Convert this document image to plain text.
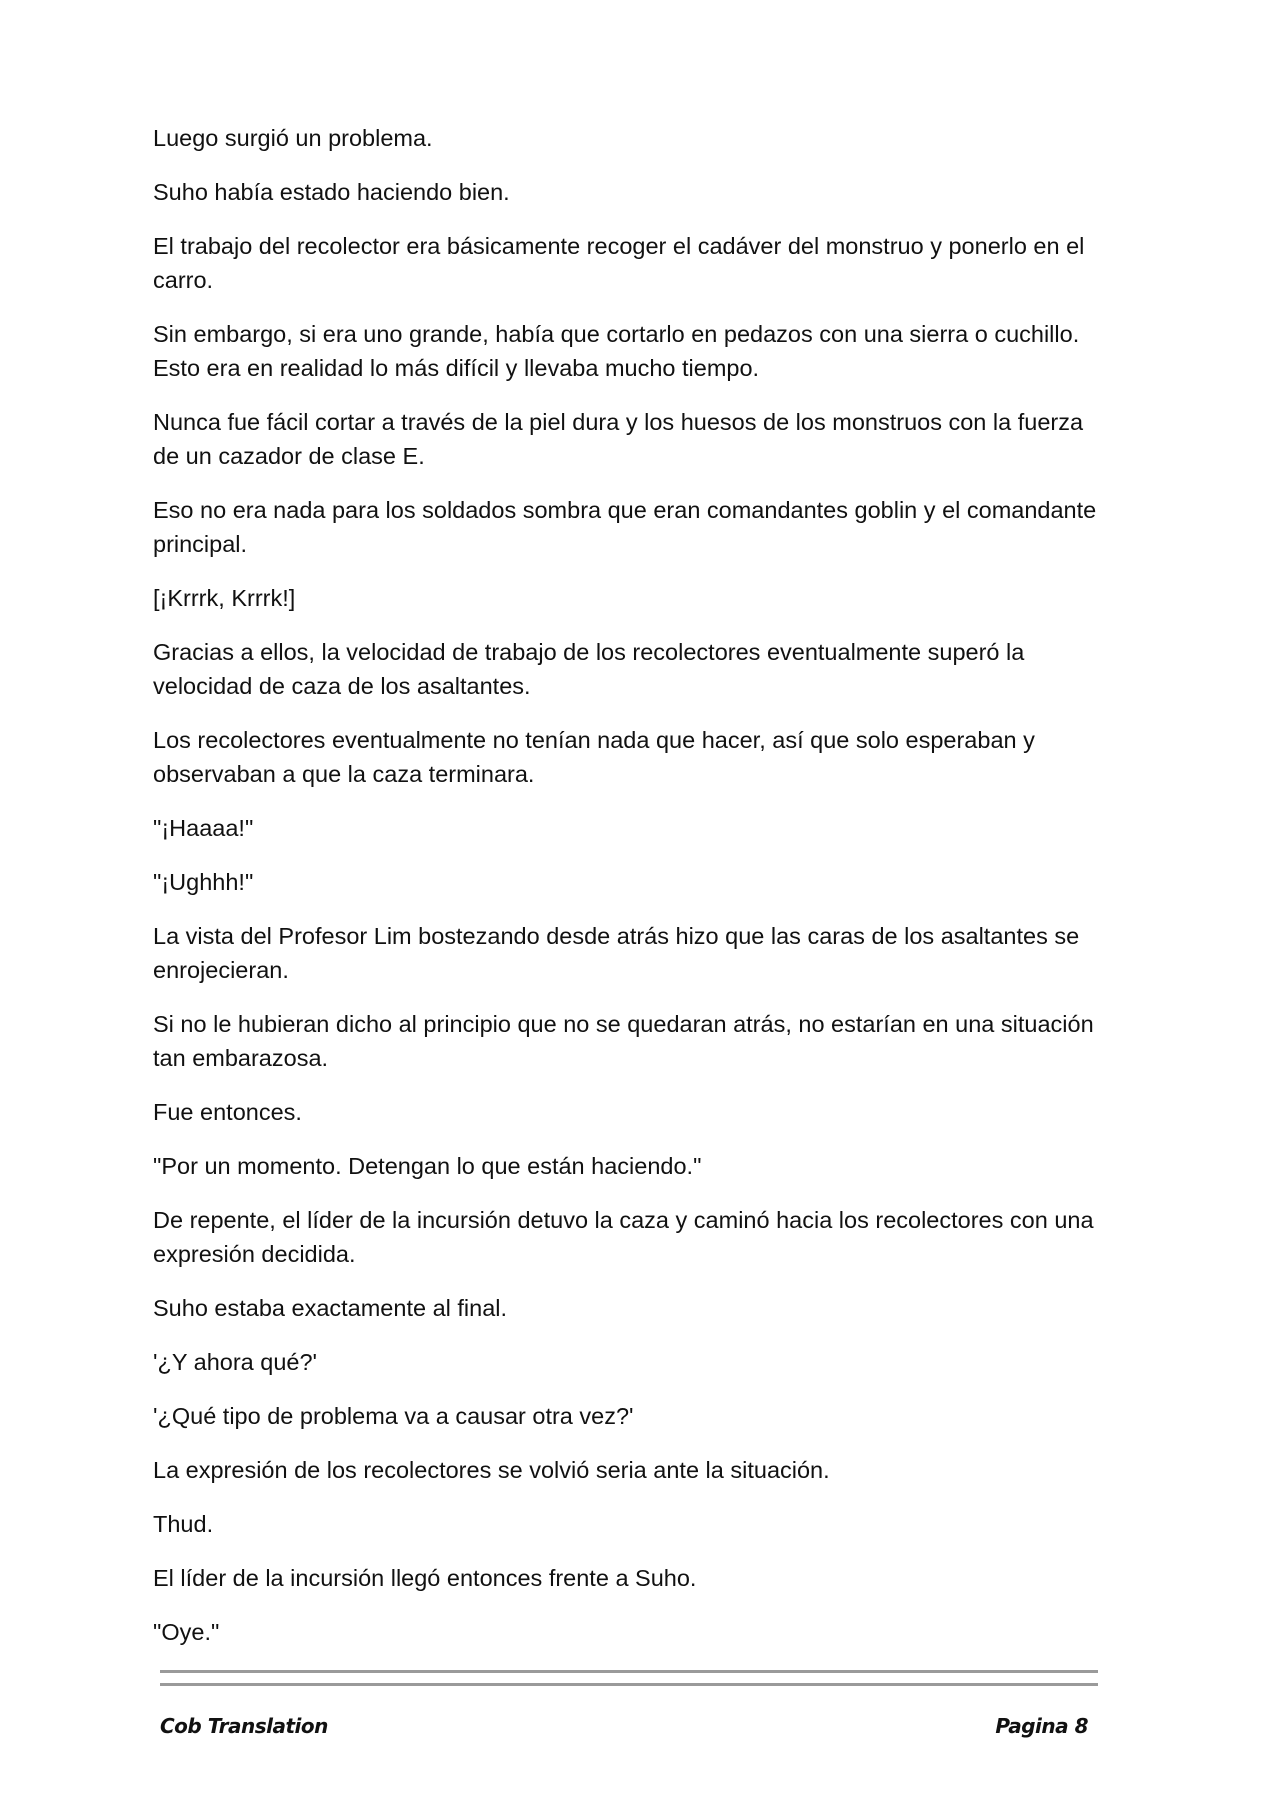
Luego surgió un problema.

Suho había estado haciendo bien.

El trabajo del recolector era básicamente recoger el cadáver del monstruo y ponerlo en el carro.

Sin embargo, si era uno grande, había que cortarlo en pedazos con una sierra o cuchillo. Esto era en realidad lo más difícil y llevaba mucho tiempo.

Nunca fue fácil cortar a través de la piel dura y los huesos de los monstruos con la fuerza de un cazador de clase E.

Eso no era nada para los soldados sombra que eran comandantes goblin y el comandante principal.

[¡Krrrk, Krrrk!]

Gracias a ellos, la velocidad de trabajo de los recolectores eventualmente superó la velocidad de caza de los asaltantes.

Los recolectores eventualmente no tenían nada que hacer, así que solo esperaban y observaban a que la caza terminara.

"¡Haaaa!"

"¡Ughhh!"

La vista del Profesor Lim bostezando desde atrás hizo que las caras de los asaltantes se enrojecieran.

Si no le hubieran dicho al principio que no se quedaran atrás, no estarían en una situación tan embarazosa.

Fue entonces.

"Por un momento. Detengan lo que están haciendo."

De repente, el líder de la incursión detuvo la caza y caminó hacia los recolectores con una expresión decidida.

Suho estaba exactamente al final.

'¿Y ahora qué?'

'¿Qué tipo de problema va a causar otra vez?'

La expresión de los recolectores se volvió seria ante la situación.

Thud.

El líder de la incursión llegó entonces frente a Suho.

"Oye."

Cob Translation	Pagina 8
